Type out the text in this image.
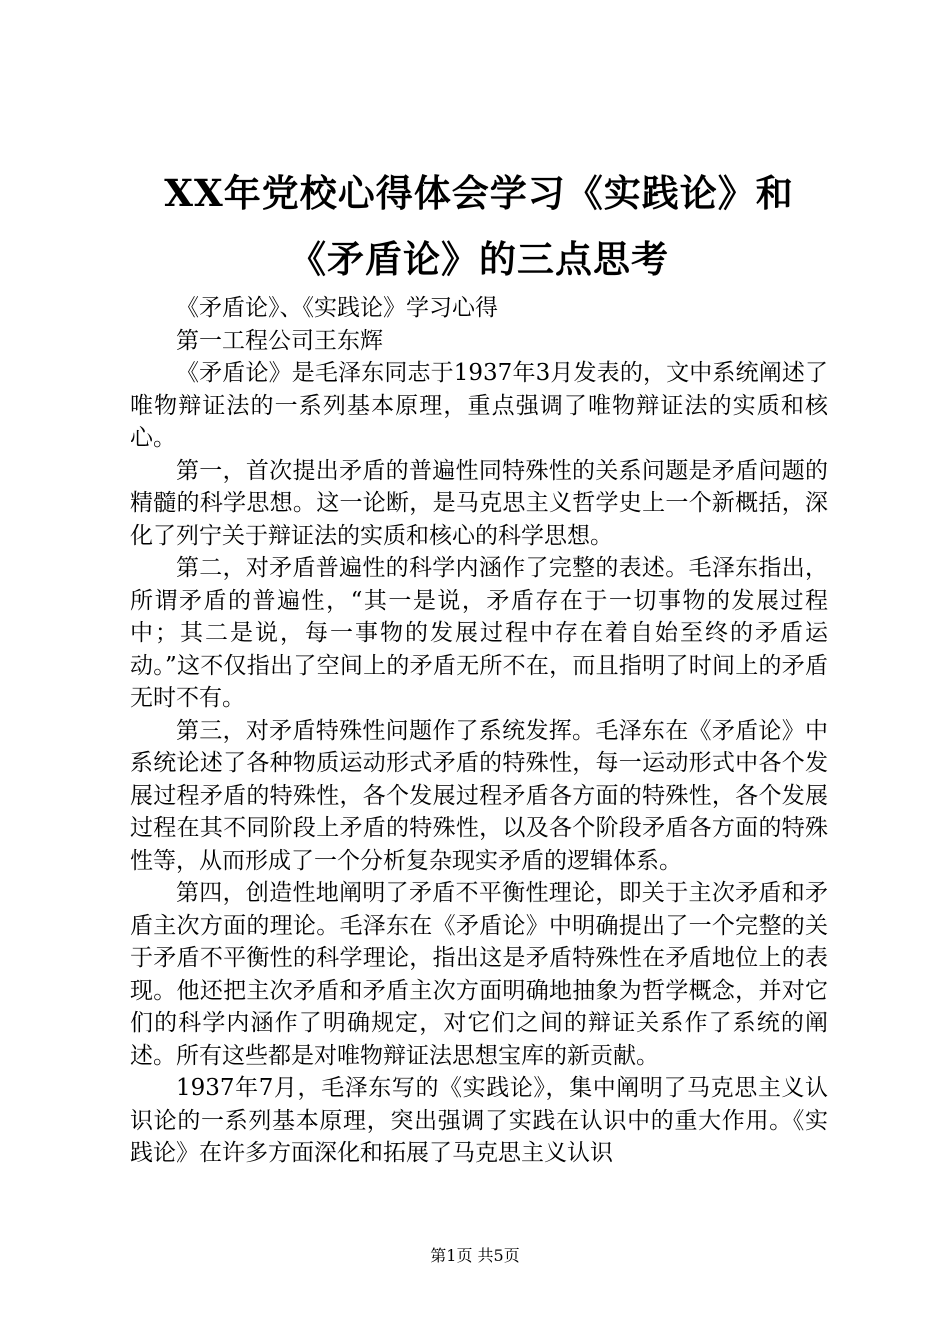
XX年党校心得体会学习《实践论》和《矛盾论》的三点思考

《矛盾论》、《实践论》学习心得

第一工程公司王东辉

《矛盾论》是毛泽东同志于1937年3月发表的，文中系统阐述了唯物辩证法的一系列基本原理，重点强调了唯物辩证法的实质和核心。

第一，首次提出矛盾的普遍性同特殊性的关系问题是矛盾问题的精髓的科学思想。这一论断，是马克思主义哲学史上一个新概括，深化了列宁关于辩证法的实质和核心的科学思想。

第二，对矛盾普遍性的科学内涵作了完整的表述。毛泽东指出，所谓矛盾的普遍性，“其一是说，矛盾存在于一切事物的发展过程中；其二是说，每一事物的发展过程中存在着自始至终的矛盾运动。”这不仅指出了空间上的矛盾无所不在，而且指明了时间上的矛盾无时不有。

第三，对矛盾特殊性问题作了系统发挥。毛泽东在《矛盾论》中系统论述了各种物质运动形式矛盾的特殊性，每一运动形式中各个发展过程矛盾的特殊性，各个发展过程矛盾各方面的特殊性，各个发展过程在其不同阶段上矛盾的特殊性，以及各个阶段矛盾各方面的特殊性等，从而形成了一个分析复杂现实矛盾的逻辑体系。

第四，创造性地阐明了矛盾不平衡性理论，即关于主次矛盾和矛盾主次方面的理论。毛泽东在《矛盾论》中明确提出了一个完整的关于矛盾不平衡性的科学理论，指出这是矛盾特殊性在矛盾地位上的表现。他还把主次矛盾和矛盾主次方面明确地抽象为哲学概念，并对它们的科学内涵作了明确规定，对它们之间的辩证关系作了系统的阐述。所有这些都是对唯物辩证法思想宝库的新贡献。

1937年7月，毛泽东写的《实践论》，集中阐明了马克思主义认识论的一系列基本原理，突出强调了实践在认识中的重大作用。《实践论》在许多方面深化和拓展了马克思主义认识

第1页 共5页
